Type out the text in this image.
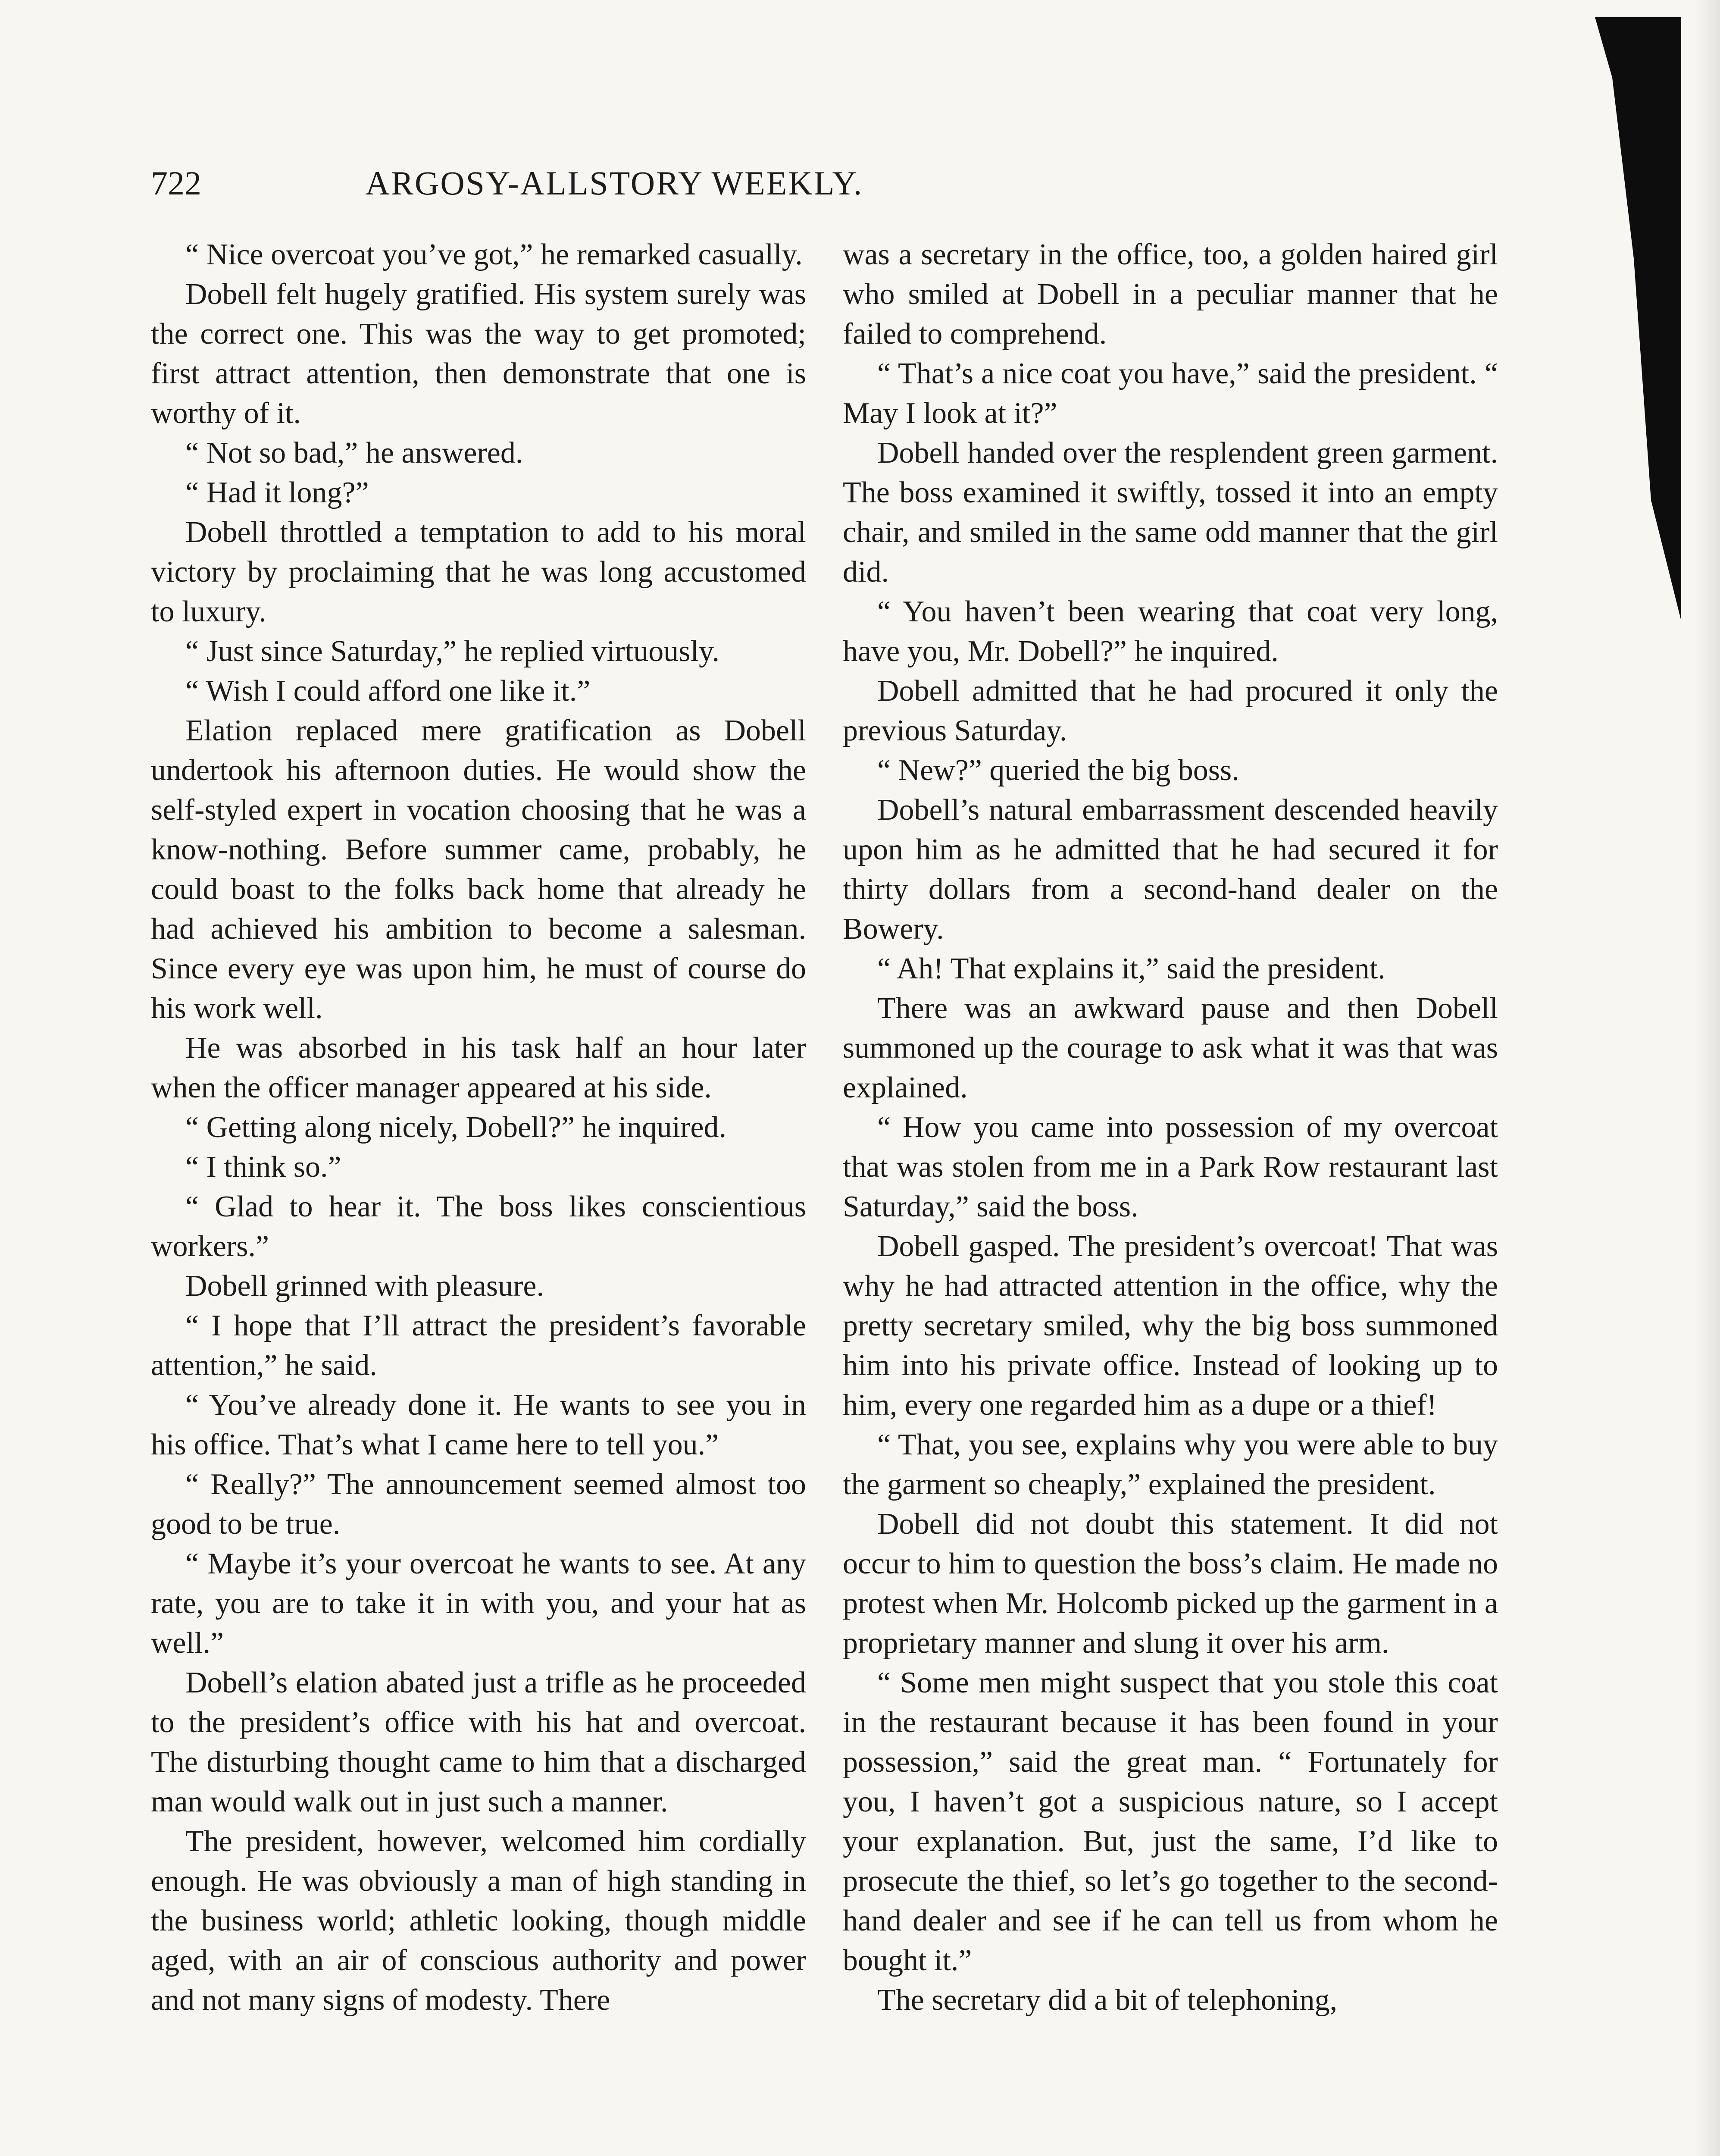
722	ARGOSY-ALLSTORY WEEKLY.

“ Nice overcoat you’ve got,” he remarked casually.

Dobell felt hugely gratified. His system surely was the correct one. This was the way to get promoted; first attract attention, then demonstrate that one is worthy of it.

“ Not so bad,” he answered.

“ Had it long?”

Dobell throttled a temptation to add to his moral victory by proclaiming that he was long accustomed to luxury.

“ Just since Saturday,” he replied virtuously.

“ Wish I could afford one like it.”

Elation replaced mere gratification as Dobell undertook his afternoon duties. He would show the self-styled expert in vocation choosing that he was a know-nothing. Before summer came, probably, he could boast to the folks back home that already he had achieved his ambition to become a salesman. Since every eye was upon him, he must of course do his work well.

He was absorbed in his task half an hour later when the officer manager appeared at his side.

“ Getting along nicely, Dobell?” he inquired.

“ I think so.”

“ Glad to hear it. The boss likes conscientious workers.”

Dobell grinned with pleasure.

“ I hope that I’ll attract the president’s favorable attention,” he said.

“ You’ve already done it. He wants to see you in his office. That’s what I came here to tell you.”

“ Really?” The announcement seemed almost too good to be true.

“ Maybe it’s your overcoat he wants to see. At any rate, you are to take it in with you, and your hat as well.”

Dobell’s elation abated just a trifle as he proceeded to the president’s office with his hat and overcoat. The disturbing thought came to him that a discharged man would walk out in just such a manner.

The president, however, welcomed him cordially enough. He was obviously a man of high standing in the business world; athletic looking, though middle aged, with an air of conscious authority and power and not many signs of modesty. There

was a secretary in the office, too, a golden haired girl who smiled at Dobell in a peculiar manner that he failed to comprehend.

“ That’s a nice coat you have,” said the president. “ May I look at it?”

Dobell handed over the resplendent green garment. The boss examined it swiftly, tossed it into an empty chair, and smiled in the same odd manner that the girl did.

“ You haven’t been wearing that coat very long, have you, Mr. Dobell?” he inquired.

Dobell admitted that he had procured it only the previous Saturday.

“ New?” queried the big boss.

Dobell’s natural embarrassment descended heavily upon him as he admitted that he had secured it for thirty dollars from a second-hand dealer on the Bowery.

“ Ah! That explains it,” said the president.

There was an awkward pause and then Dobell summoned up the courage to ask what it was that was explained.

“ How you came into possession of my overcoat that was stolen from me in a Park Row restaurant last Saturday,” said the boss.

Dobell gasped. The president’s overcoat! That was why he had attracted attention in the office, why the pretty secretary smiled, why the big boss summoned him into his private office. Instead of looking up to him, every one regarded him as a dupe or a thief!

“ That, you see, explains why you were able to buy the garment so cheaply,” explained the president.

Dobell did not doubt this statement. It did not occur to him to question the boss’s claim. He made no protest when Mr. Holcomb picked up the garment in a proprietary manner and slung it over his arm.

“ Some men might suspect that you stole this coat in the restaurant because it has been found in your possession,” said the great man. “ Fortunately for you, I haven’t got a suspicious nature, so I accept your explanation. But, just the same, I’d like to prosecute the thief, so let’s go together to the second-hand dealer and see if he can tell us from whom he bought it.”

The secretary did a bit of telephoning,
